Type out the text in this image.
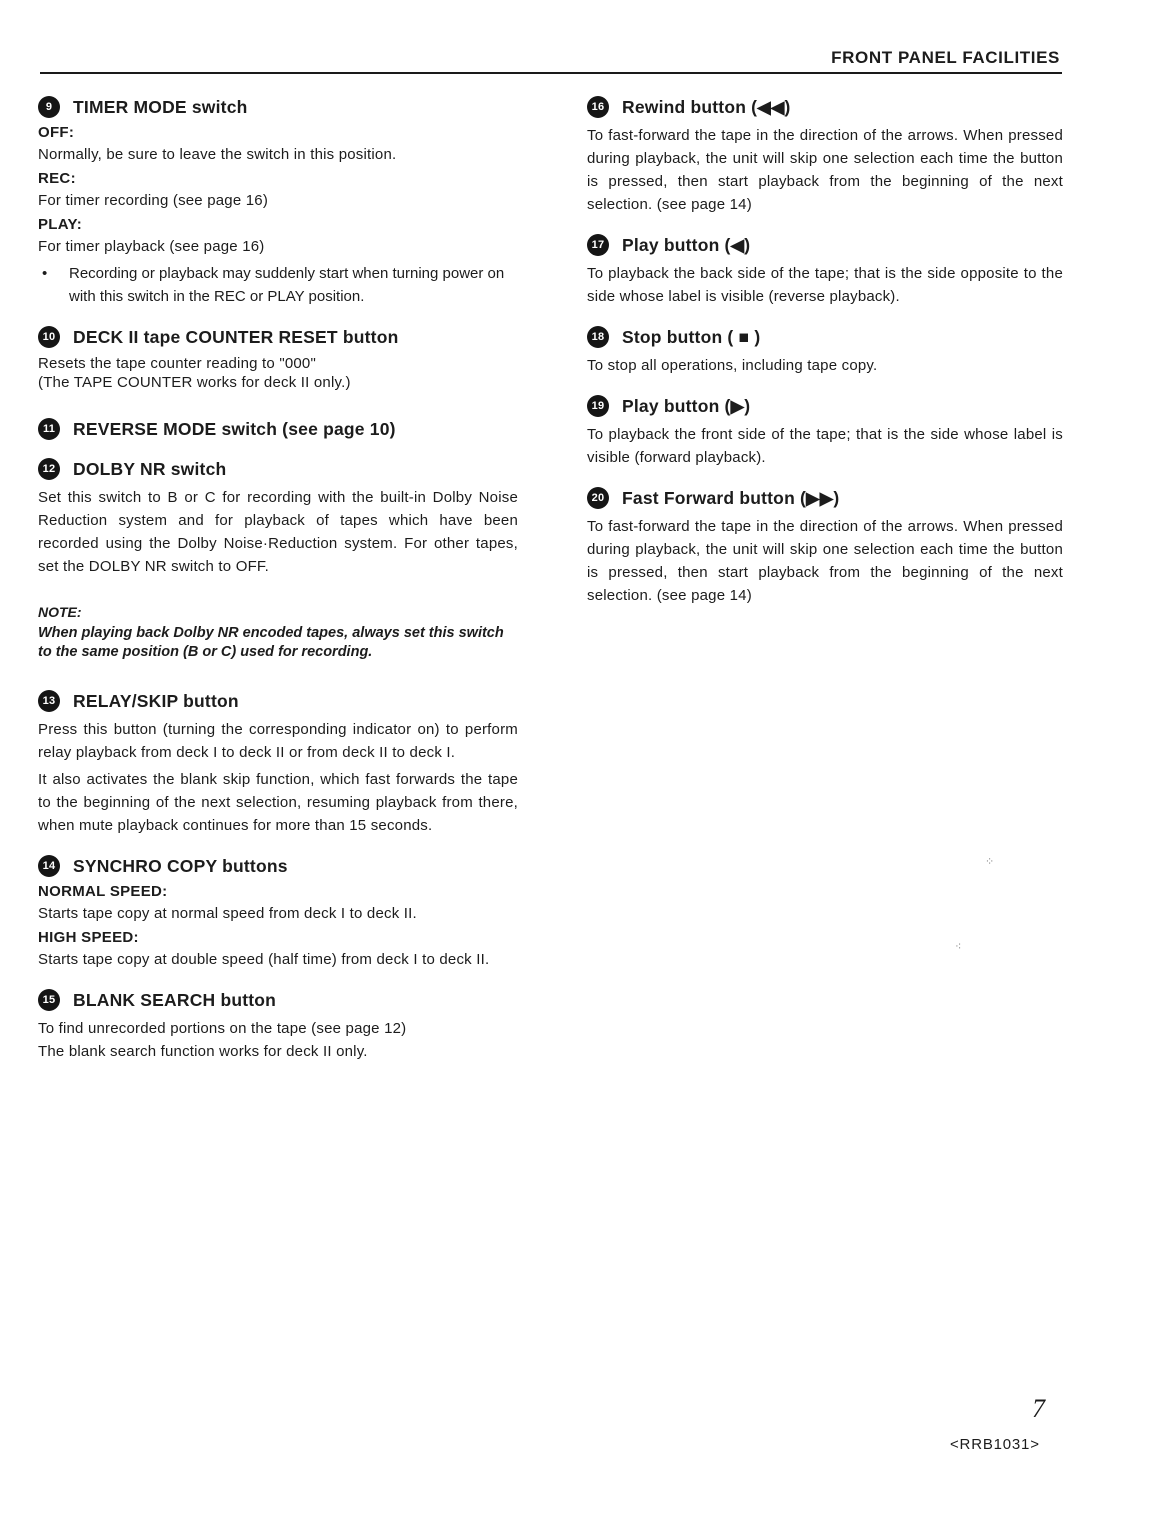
FRONT PANEL FACILITIES
9	TIMER MODE switch
OFF:
Normally, be sure to leave the switch in this position.
REC:
For timer recording (see page 16)
PLAY:
For timer playback (see page 16)
•	Recording or playback may suddenly start when turning power on with this switch in the REC or PLAY position.
10 DECK II tape COUNTER RESET button
Resets the tape counter reading to "000"
(The TAPE COUNTER works for deck II only.)
11 REVERSE MODE switch (see page 10)
12 DOLBY NR switch
Set this switch to B or C for recording with the built-in Dolby Noise Reduction system and for playback of tapes which have been recorded using the Dolby Noise·Reduction system. For other tapes, set the DOLBY NR switch to OFF.
NOTE:
When playing back Dolby NR encoded tapes, always set this switch to the same position (B or C) used for recording.
13 RELAY/SKIP button
Press this button (turning the corresponding indicator on) to perform relay playback from deck I to deck II or from deck II to deck I.
It also activates the blank skip function, which fast forwards the tape to the beginning of the next selection, resuming playback from there, when mute playback continues for more than 15 seconds.
14 SYNCHRO COPY buttons
NORMAL SPEED:
Starts tape copy at normal speed from deck I to deck II.
HIGH SPEED:
Starts tape copy at double speed (half time) from deck I to deck II.
15 BLANK SEARCH button
To find unrecorded portions on the tape (see page 12)
The blank search function works for deck II only.
16 Rewind button (◀◀)
To fast-forward the tape in the direction of the arrows. When pressed during playback, the unit will skip one selection each time the button is pressed, then start playback from the beginning of the next selection. (see page 14)
17 Play button (◀)
To playback the back side of the tape; that is the side opposite to the side whose label is visible (reverse playback).
18 Stop button ( ■ )
To stop all operations, including tape copy.
19 Play button (▶)
To playback the front side of the tape; that is the side whose label is visible (forward playback).
20 Fast Forward button (▶▶)
To fast-forward the tape in the direction of the arrows. When pressed during playback, the unit will skip one selection each time the button is pressed, then start playback from the beginning of the next selection. (see page 14)
⁘
⁖
7
<RRB1031>
